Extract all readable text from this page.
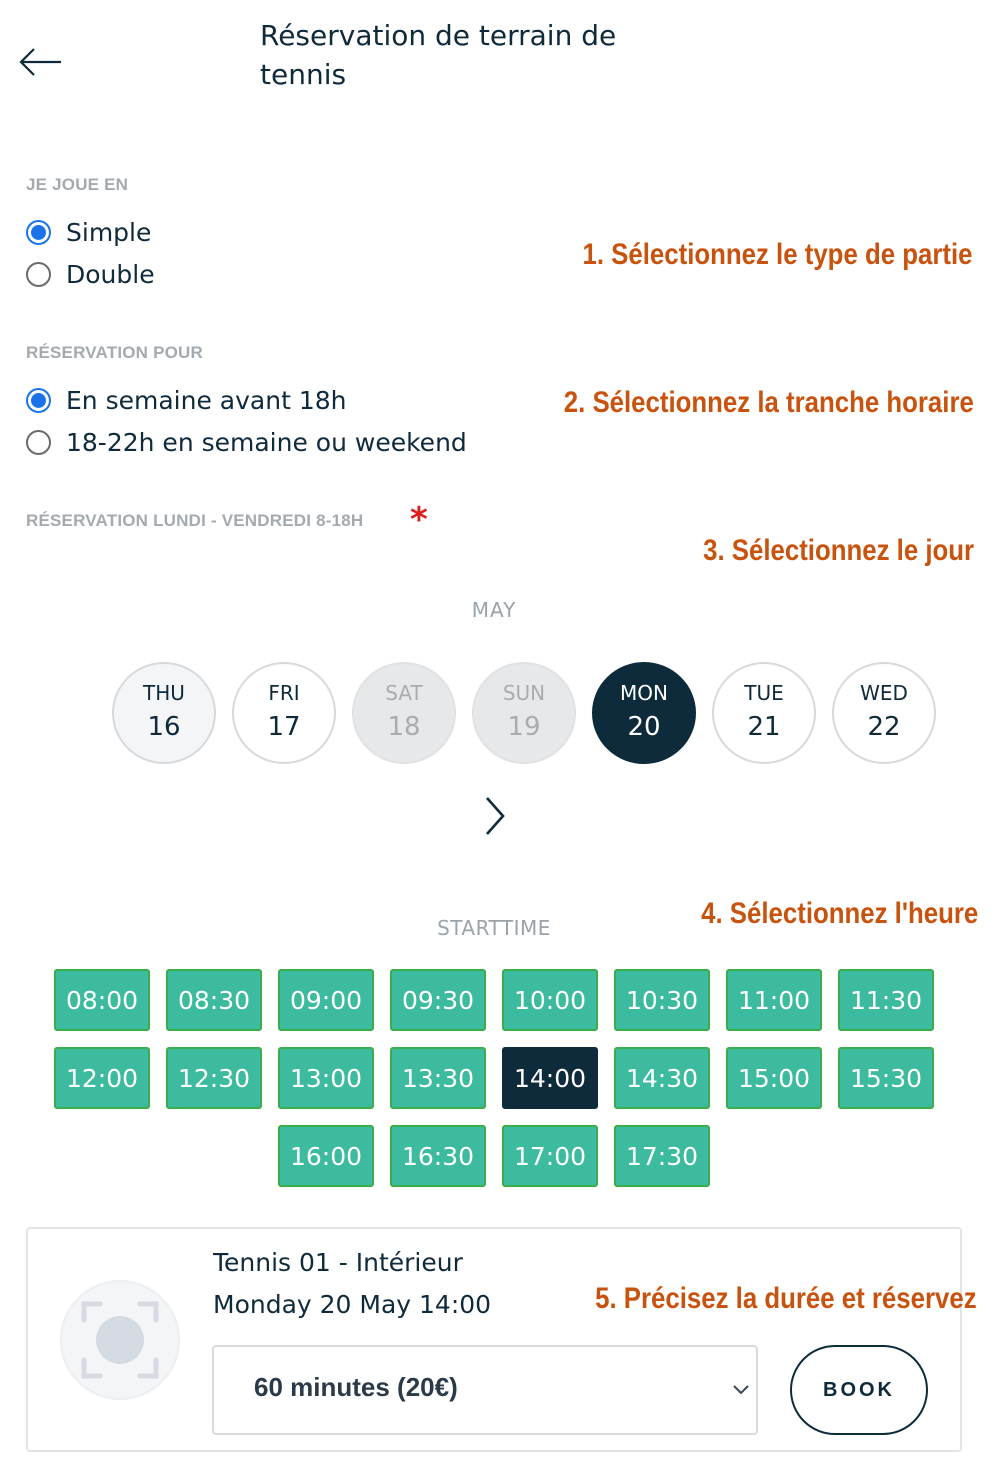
Réservation de terrain de tennis
JE JOUE EN
Simple
Double
RÉSERVATION POUR
En semaine avant 18h
18-22h en semaine ou weekend
RÉSERVATION LUNDI - VENDREDI 8-18H *
MAY
THU
16
FRI
17
SAT
18
SUN
19
MON
20
TUE
21
WED
22
STARTTIME
08:00	08:30	09:00	09:30	10:00	10:30	11:00	11:30
12:00	12:30	13:00	13:30	14:00	14:30	15:00	15:30
16:00	16:30	17:00	17:30
Tennis 01 - Intérieur
Monday 20 May 14:00
60 minutes (20€)	BOOK
1. Sélectionnez le type de partie
2. Sélectionnez la tranche horaire
3. Sélectionnez le jour
4. Sélectionnez l'heure
5. Précisez la durée et réservez
